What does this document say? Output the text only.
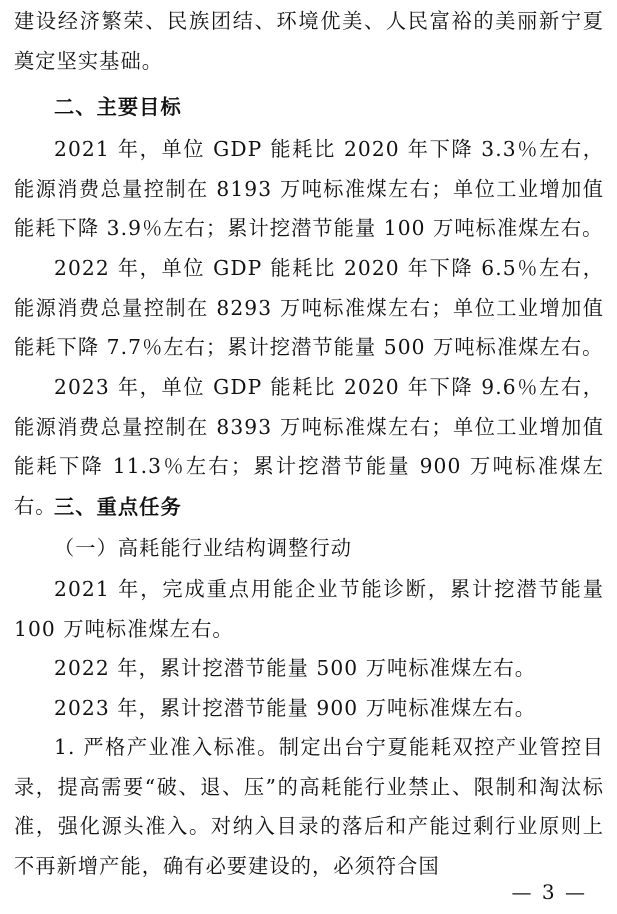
建设经济繁荣、民族团结、环境优美、人民富裕的美丽新宁夏奠定坚实基础。

二、主要目标

2021 年，单位 GDP 能耗比 2020 年下降 3.3％左右，能源消费总量控制在 8193 万吨标准煤左右；单位工业增加值能耗下降 3.9％左右；累计挖潜节能量 100 万吨标准煤左右。

2022 年，单位 GDP 能耗比 2020 年下降 6.5％左右，能源消费总量控制在 8293 万吨标准煤左右；单位工业增加值能耗下降 7.7％左右；累计挖潜节能量 500 万吨标准煤左右。

2023 年，单位 GDP 能耗比 2020 年下降 9.6％左右，能源消费总量控制在 8393 万吨标准煤左右；单位工业增加值能耗下降 11.3％左右；累计挖潜节能量 900 万吨标准煤左右。

三、重点任务

（一）高耗能行业结构调整行动

2021 年，完成重点用能企业节能诊断，累计挖潜节能量 100 万吨标准煤左右。

2022 年，累计挖潜节能量 500 万吨标准煤左右。

2023 年，累计挖潜节能量 900 万吨标准煤左右。

1. 严格产业准入标准。制定出台宁夏能耗双控产业管控目录，提高需要“破、退、压”的高耗能行业禁止、限制和淘汰标准，强化源头准入。对纳入目录的落后和产能过剩行业原则上不再新增产能，确有必要建设的，必须符合国

— 3 —
